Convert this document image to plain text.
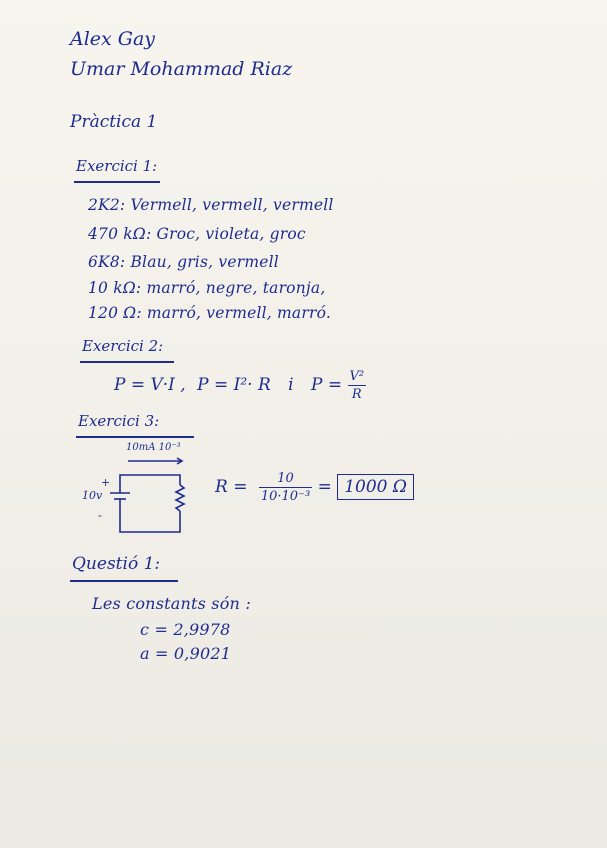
Alex Gay
Umar Mohammad Riaz
Pràctica 1
Exercici 1:
2K2: Vermell, vermell, vermell
470 kΩ: Groc, violeta, groc
6K8: Blau, gris, vermell
10 kΩ: marró, negre, taronja,
120 Ω: marró, vermell, marró.
Exercici 2:
P = V·I , P = I²· R i $P = \frac{\text{V²}}{R}$
Exercici 3:
10mA 10⁻³
+
10v
-
$R = \frac{10}{\text{10·10⁻³}} = 1000$ Ω
Questió 1:
Les constants són :
c = 2,9978
a = 0,9021
